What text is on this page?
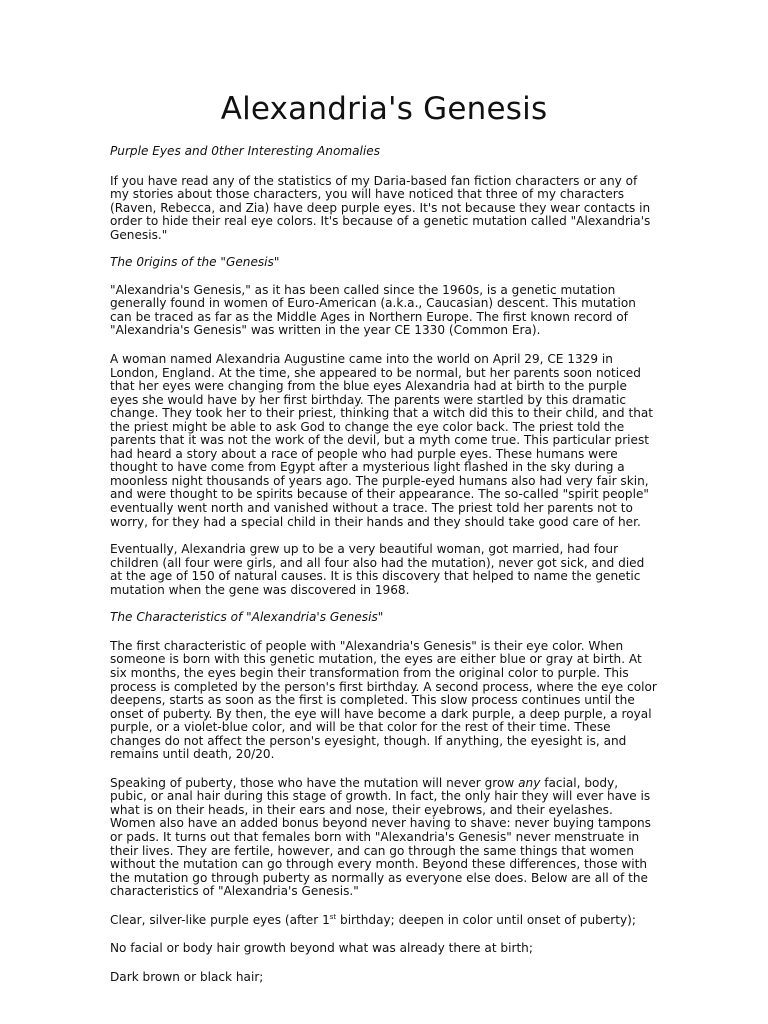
Alexandria's Genesis

Purple Eyes and 0ther Interesting Anomalies

If you have read any of the statistics of my Daria-based fan fiction characters or any of my stories about those characters, you will have noticed that three of my characters (Raven, Rebecca, and Zia) have deep purple eyes. It's not because they wear contacts in order to hide their real eye colors. It's because of a genetic mutation called "Alexandria's Genesis."

The 0rigins of the "Genesis"

"Alexandria's Genesis," as it has been called since the 1960s, is a genetic mutation generally found in women of Euro-American (a.k.a., Caucasian) descent. This mutation can be traced as far as the Middle Ages in Northern Europe. The first known record of "Alexandria's Genesis" was written in the year CE 1330 (Common Era).

A woman named Alexandria Augustine came into the world on April 29, CE 1329 in London, England. At the time, she appeared to be normal, but her parents soon noticed that her eyes were changing from the blue eyes Alexandria had at birth to the purple eyes she would have by her first birthday. The parents were startled by this dramatic change. They took her to their priest, thinking that a witch did this to their child, and that the priest might be able to ask God to change the eye color back. The priest told the parents that it was not the work of the devil, but a myth come true. This particular priest had heard a story about a race of people who had purple eyes. These humans were thought to have come from Egypt after a mysterious light flashed in the sky during a moonless night thousands of years ago. The purple-eyed humans also had very fair skin, and were thought to be spirits because of their appearance. The so-called "spirit people" eventually went north and vanished without a trace. The priest told her parents not to worry, for they had a special child in their hands and they should take good care of her.

Eventually, Alexandria grew up to be a very beautiful woman, got married, had four children (all four were girls, and all four also had the mutation), never got sick, and died at the age of 150 of natural causes. It is this discovery that helped to name the genetic mutation when the gene was discovered in 1968.

The Characteristics of "Alexandria's Genesis"

The first characteristic of people with "Alexandria's Genesis" is their eye color. When someone is born with this genetic mutation, the eyes are either blue or gray at birth. At six months, the eyes begin their transformation from the original color to purple. This process is completed by the person's first birthday. A second process, where the eye color deepens, starts as soon as the first is completed. This slow process continues until the onset of puberty. By then, the eye will have become a dark purple, a deep purple, a royal purple, or a violet-blue color, and will be that color for the rest of their time. These changes do not affect the person's eyesight, though. If anything, the eyesight is, and remains until death, 20/20.

Speaking of puberty, those who have the mutation will never grow any facial, body, pubic, or anal hair during this stage of growth. In fact, the only hair they will ever have is what is on their heads, in their ears and nose, their eyebrows, and their eyelashes. Women also have an added bonus beyond never having to shave: never buying tampons or pads. It turns out that females born with "Alexandria's Genesis" never menstruate in their lives. They are fertile, however, and can go through the same things that women without the mutation can go through every month. Beyond these differences, those with the mutation go through puberty as normally as everyone else does. Below are all of the characteristics of "Alexandria's Genesis."

Clear, silver-like purple eyes (after 1st birthday; deepen in color until onset of puberty);

No facial or body hair growth beyond what was already there at birth;

Dark brown or black hair;
